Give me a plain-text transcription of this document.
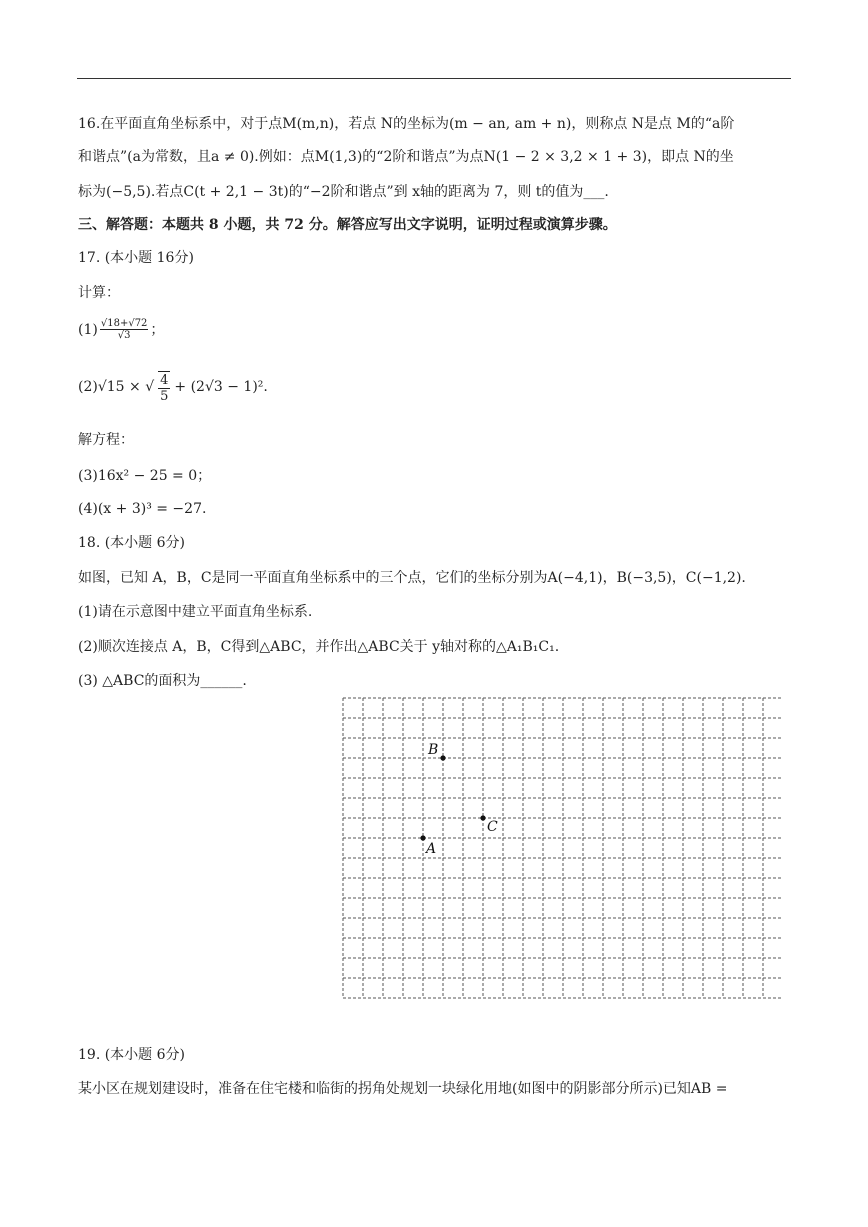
16.在平面直角坐标系中，对于点M(m,n)，若点 N的坐标为(m − an, am + n)，则称点 N是点 M的“a阶
和谐点”(a为常数，且a ≠ 0).例如：点M(1,3)的“2阶和谐点”为点N(1 − 2 × 3,2 × 1 + 3)，即点 N的坐
标为(−5,5).若点C(t + 2,1 − 3t)的“−2阶和谐点”到 x轴的距离为 7，则 t的值为___.
三、解答题：本题共 8 小题，共 72 分。解答应写出文字说明，证明过程或演算步骤。
17. (本小题 16分)
计算：
$(1) \frac{√18+√72}{√3}$ ；
(2)√15 × √ $\frac{4}{5} + (2√3 - 1)^2$.
解方程：
(3)16x² − 25 = 0；
(4)(x + 3)³ = −27.
18. (本小题 6分)
如图，已知 A，B，C是同一平面直角坐标系中的三个点，它们的坐标分别为A(−4,1)，B(−3,5)，C(−1,2).
(1)请在示意图中建立平面直角坐标系.
(2)顺次连接点 A，B，C得到△ABC，并作出△ABC关于 y轴对称的△A₁B₁C₁.
(3) △ABC的面积为______.
A
B
C
19. (本小题 6分)
某小区在规划建设时，准备在住宅楼和临街的拐角处规划一块绿化用地(如图中的阴影部分所示)已知AB =
